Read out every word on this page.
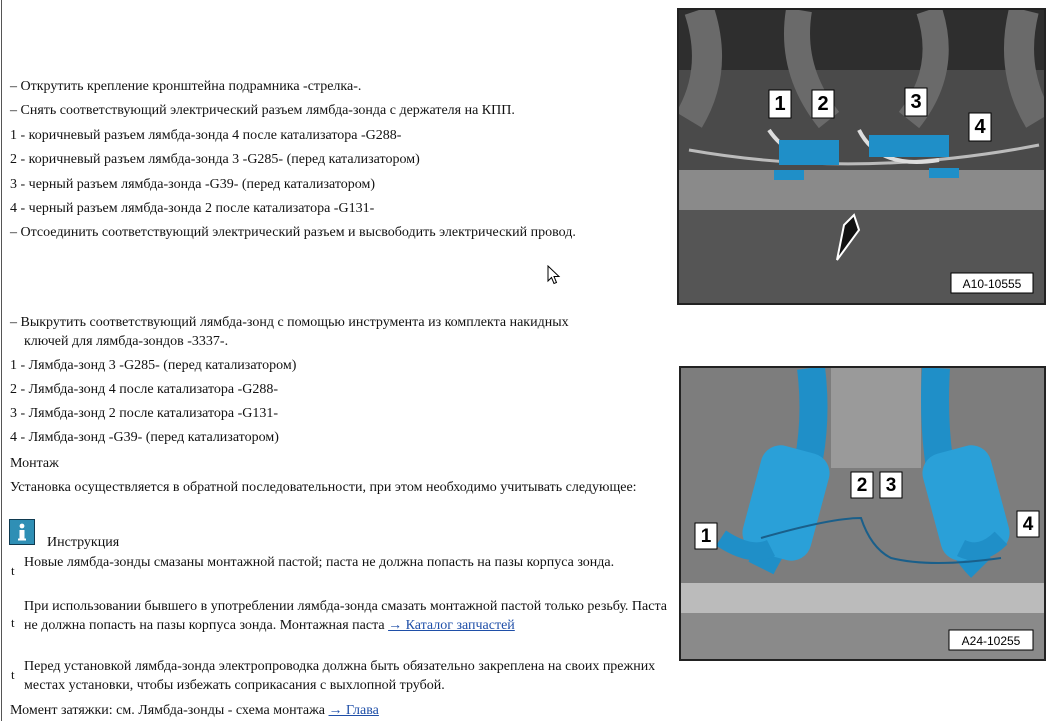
– Открутить крепление кронштейна подрамника -стрелка-.
– Снять соответствующий электрический разъем лямбда-зонда с держателя на КПП.
1 - коричневый разъем лямбда-зонда 4 после катализатора -G288-
2 - коричневый разъем лямбда-зонда 3 -G285- (перед катализатором)
3 - черный разъем лямбда-зонда -G39- (перед катализатором)
4 - черный разъем лямбда-зонда 2 после катализатора -G131-
– Отсоединить соответствующий электрический разъем и высвободить электрический провод.
– Выкрутить соответствующий лямбда-зонд с помощью инструмента из комплекта накидных
ключей для лямбда-зондов -3337-.
1 - Лямбда-зонд 3 -G285- (перед катализатором)
2 - Лямбда-зонд 4 после катализатора -G288-
3 - Лямбда-зонд 2 после катализатора -G131-
4 - Лямбда-зонд -G39- (перед катализатором)
Монтаж
Установка осуществляется в обратной последовательности, при этом необходимо учитывать следующее:
Инструкция
t
Новые лямбда-зонды смазаны монтажной пастой; паста не должна попасть на пазы корпуса зонда.
t
При использовании бывшего в употреблении лямбда-зонда смазать монтажной пастой только резьбу. Паста не должна попасть на пазы корпуса зонда. Монтажная паста → Каталог запчастей
t
Перед установкой лямбда-зонда электропроводка должна быть обязательно закреплена на своих прежних местах установки, чтобы избежать соприкасания с выхлопной трубой.
Момент затяжки: см. Лямбда-зонды - схема монтажа → Глава
1 2	3
4
A10-10555
2 3
1
4
A24-10255
